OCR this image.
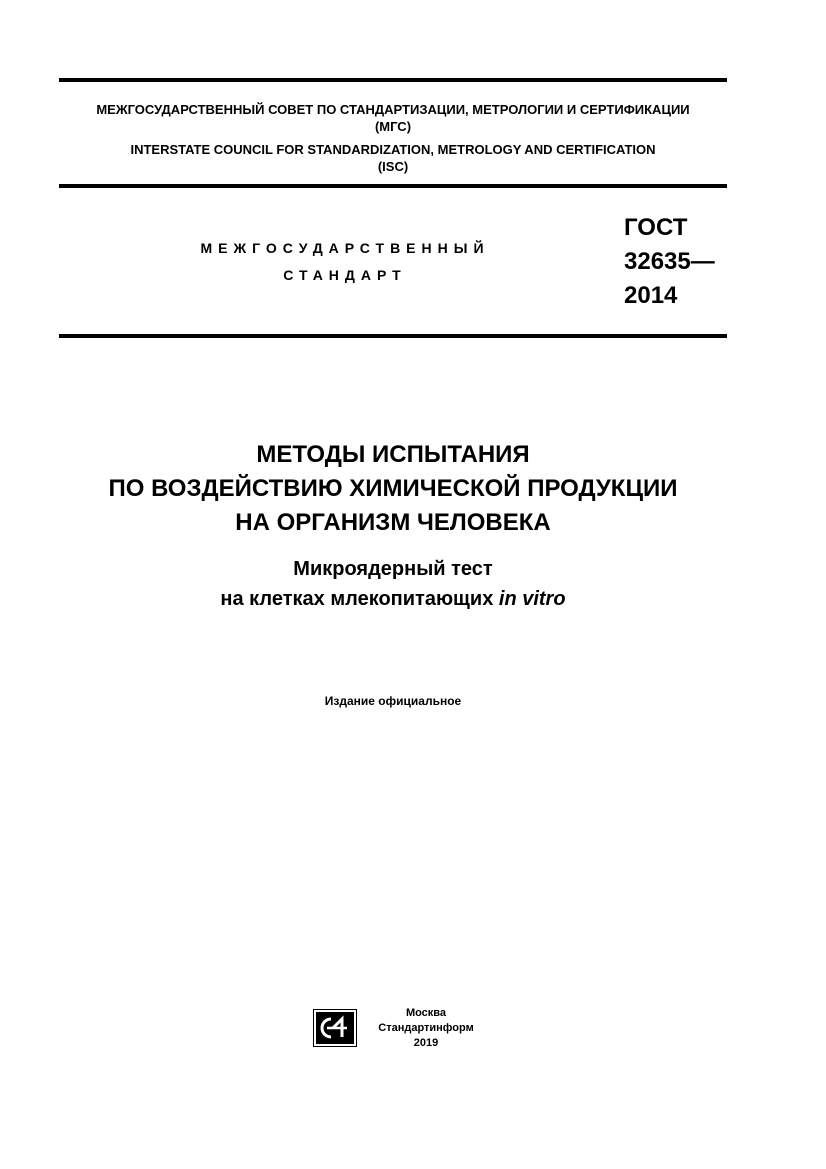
МЕЖГОСУДАРСТВЕННЫЙ СОВЕТ ПО СТАНДАРТИЗАЦИИ, МЕТРОЛОГИИ И СЕРТИФИКАЦИИ
(МГС)
INTERSTATE COUNCIL FOR STANDARDIZATION, METROLOGY AND CERTIFICATION
(ISC)
МЕЖГОСУДАРСТВЕННЫЙ
СТАНДАРТ
ГОСТ
32635—
2014
МЕТОДЫ ИСПЫТАНИЯ
ПО ВОЗДЕЙСТВИЮ ХИМИЧЕСКОЙ ПРОДУКЦИИ
НА ОРГАНИЗМ ЧЕЛОВЕКА
Микроядерный тест
на клетках млекопитающих in vitro
Издание официальное
Москва
Стандартинформ
2019
